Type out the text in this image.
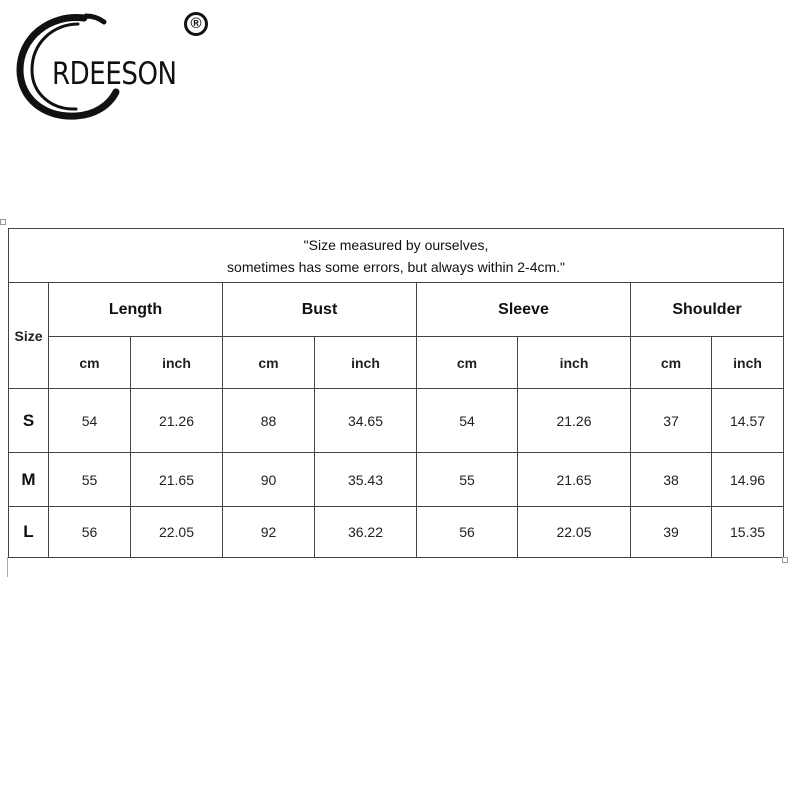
RDEESON
®
"Size measured by ourselves,
sometimes has some errors, but always within 2-4cm."								

Size	Length		Bust		Sleeve		Shoulder	
	cm	inch	cm	inch	cm	inch	cm	inch
S	54	21.26	88	34.65	54	21.26	37	14.57
M	55	21.65	90	35.43	55	21.65	38	14.96
L	56	22.05	92	36.22	56	22.05	39	15.35
